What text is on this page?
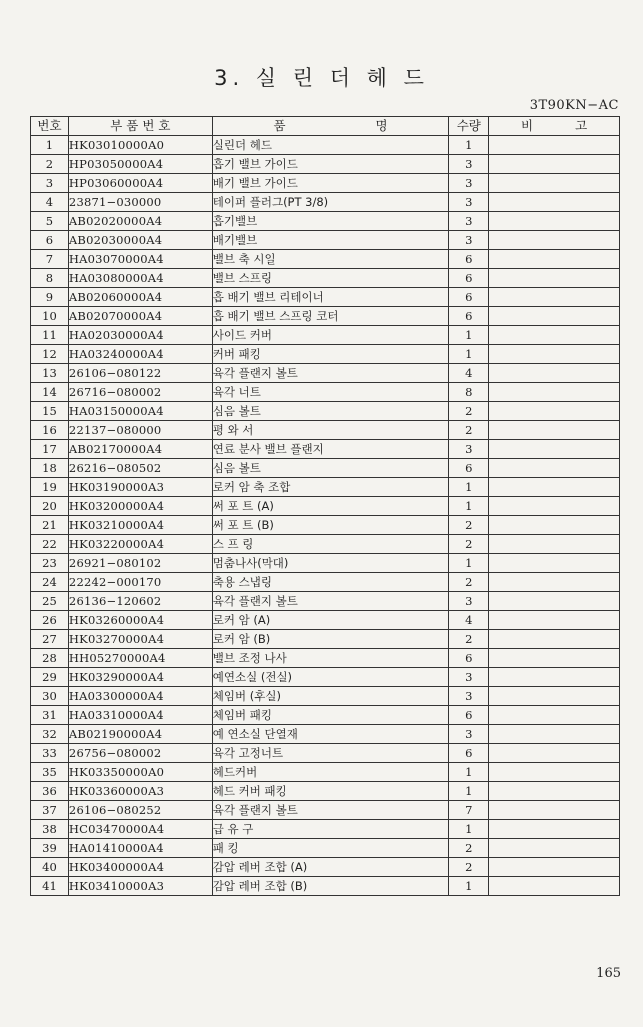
3. 실 린 더 헤 드
3T90KN−AC
번호	부 품 번 호	품 명	수량	비 고
1	HK03010000A0	실린더 헤드	1	
2	HP03050000A4	흡기 밸브 가이드	3	
3	HP03060000A4	배기 밸브 가이드	3	
4	23871−030000	테이퍼 플러그(PT 3/8)	3	
5	AB02020000A4	흡기밸브	3	
6	AB02030000A4	배기밸브	3	
7	HA03070000A4	밸브 축 시일	6	
8	HA03080000A4	밸브 스프링	6	
9	AB02060000A4	흡 배기 밸브 리테이너	6	
10	AB02070000A4	흡 배기 밸브 스프링 코터	6	
11	HA02030000A4	사이드 커버	1	
12	HA03240000A4	커버 패킹	1	
13	26106−080122	육각 플랜지 볼트	4	
14	26716−080002	육각 너트	8	
15	HA03150000A4	심음 볼트	2	
16	22137−080000	평 와 서	2	
17	AB02170000A4	연료 분사 밸브 플랜지	3	
18	26216−080502	심음 볼트	6	
19	HK03190000A3	로커 암 축 조합	1	
20	HK03200000A4	써 포 트 (A)	1	
21	HK03210000A4	써 포 트 (B)	2	
22	HK03220000A4	스 프 링	2	
23	26921−080102	멈춤나사(막대)	1	
24	22242−000170	축용 스냅링	2	
25	26136−120602	육각 플랜지 볼트	3	
26	HK03260000A4	로커 암 (A)	4	
27	HK03270000A4	로커 암 (B)	2	
28	HH05270000A4	밸브 조정 나사	6	
29	HK03290000A4	예연소실 (전실)	3	
30	HA03300000A4	체임버 (후실)	3	
31	HA03310000A4	체임버 패킹	6	
32	AB02190000A4	예 연소실 단열재	3	
33	26756−080002	육각 고정너트	6	
35	HK03350000A0	헤드커버	1	
36	HK03360000A3	헤드 커버 패킹	1	
37	26106−080252	육각 플랜지 볼트	7	
38	HC03470000A4	급 유 구	1	
39	HA01410000A4	패 킹	2	
40	HK03400000A4	감압 레버 조합 (A)	2	
41	HK03410000A3	감압 레버 조합 (B)	1	
165
